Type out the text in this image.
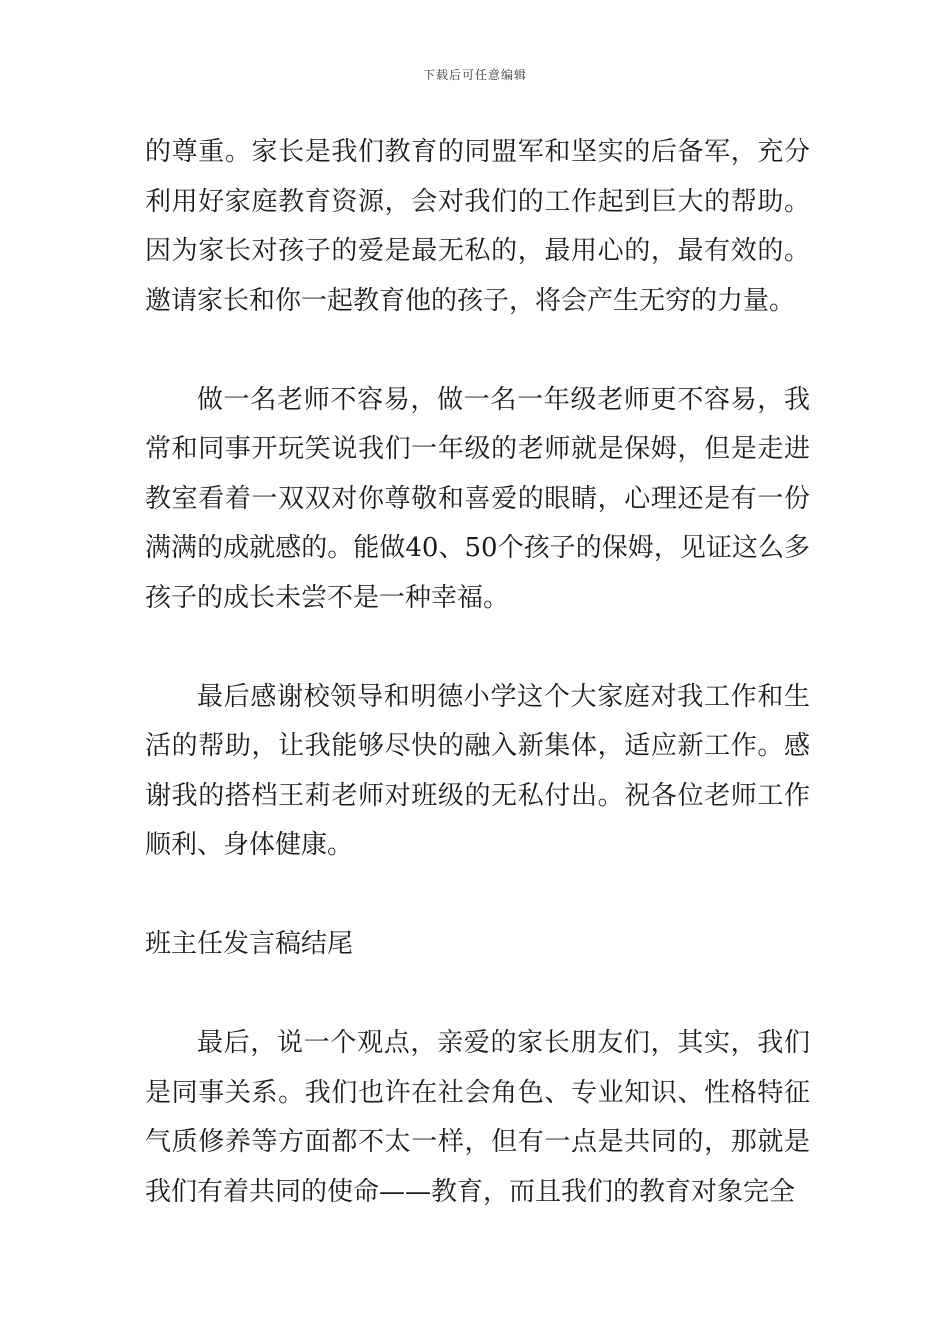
下载后可任意编辑

的尊重。家长是我们教育的同盟军和坚实的后备军，充分利用好家庭教育资源，会对我们的工作起到巨大的帮助。因为家长对孩子的爱是最无私的，最用心的，最有效的。邀请家长和你一起教育他的孩子，将会产生无穷的力量。

做一名老师不容易，做一名一年级老师更不容易，我常和同事开玩笑说我们一年级的老师就是保姆，但是走进教室看着一双双对你尊敬和喜爱的眼睛，心理还是有一份满满的成就感的。能做40、50个孩子的保姆，见证这么多孩子的成长未尝不是一种幸福。

最后感谢校领导和明德小学这个大家庭对我工作和生活的帮助，让我能够尽快的融入新集体，适应新工作。感谢我的搭档王莉老师对班级的无私付出。祝各位老师工作顺利、身体健康。

班主任发言稿结尾

最后，说一个观点，亲爱的家长朋友们，其实，我们是同事关系。我们也许在社会角色、专业知识、性格特征气质修养等方面都不太一样，但有一点是共同的，那就是我们有着共同的使命——教育，而且我们的教育对象完全
